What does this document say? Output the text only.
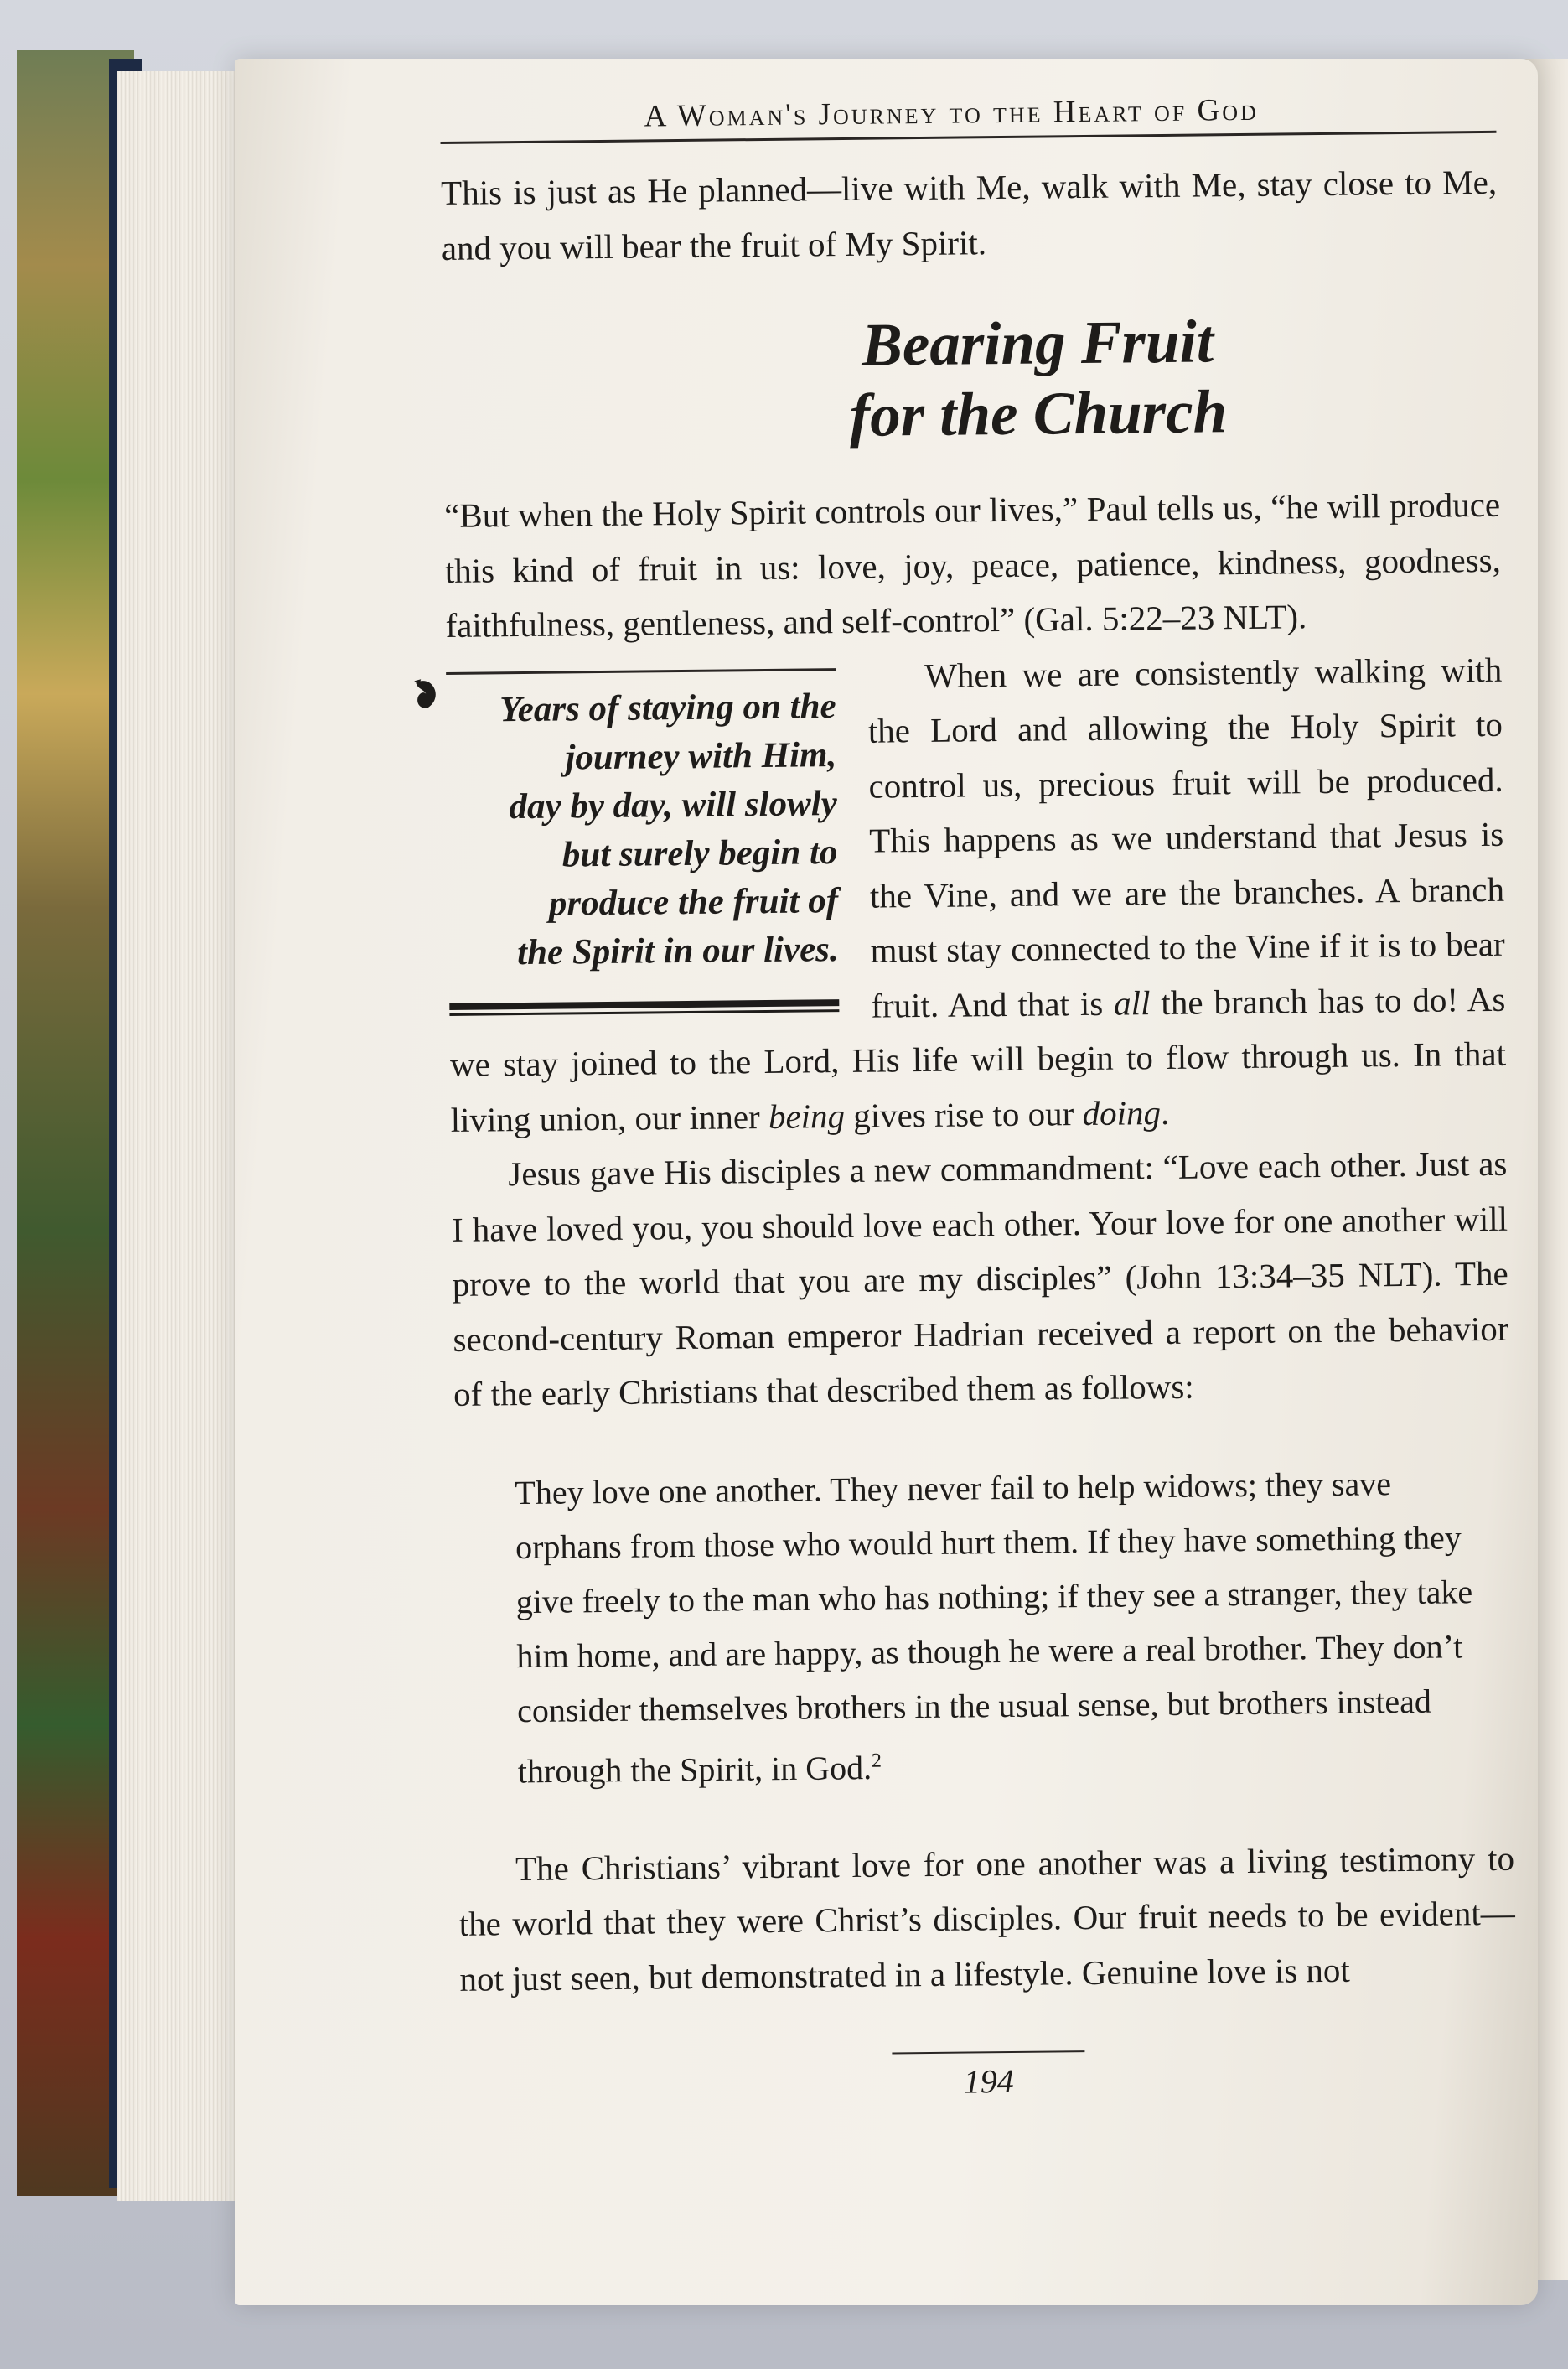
A Woman's Journey to the Heart of God

This is just as He planned—live with Me, walk with Me, stay close to Me, and you will bear the fruit of My Spirit.

Bearing Fruit
for the Church

“But when the Holy Spirit controls our lives,” Paul tells us, “he will produce this kind of fruit in us: love, joy, peace, patience, kindness, goodness, faithfulness, gentleness, and self-control” (Gal. 5:22–23 NLT).

Years of staying on the
journey with Him,
day by day, will slowly
but surely begin to
produce the fruit of
the Spirit in our lives.

When we are consistently walking with the Lord and allowing the Holy Spirit to control us, precious fruit will be produced. This happens as we understand that Jesus is the Vine, and we are the branches. A branch must stay connected to the Vine if it is to bear fruit. And that is all the branch has to do! As we stay joined to the Lord, His life will begin to flow through us. In that living union, our inner being gives rise to our doing.

Jesus gave His disciples a new commandment: “Love each other. Just as I have loved you, you should love each other. Your love for one another will prove to the world that you are my disciples” (John 13:34–35 NLT). The second-century Roman emperor Hadrian received a report on the behavior of the early Christians that described them as follows:

They love one another. They never fail to help widows; they save orphans from those who would hurt them. If they have something they give freely to the man who has nothing; if they see a stranger, they take him home, and are happy, as though he were a real brother. They don’t consider themselves brothers in the usual sense, but brothers instead through the Spirit, in God.$^2$

The Christians’ vibrant love for one another was a living testimony to the world that they were Christ’s disciples. Our fruit needs to be evident—not just seen, but demonstrated in a lifestyle. Genuine love is not

194
